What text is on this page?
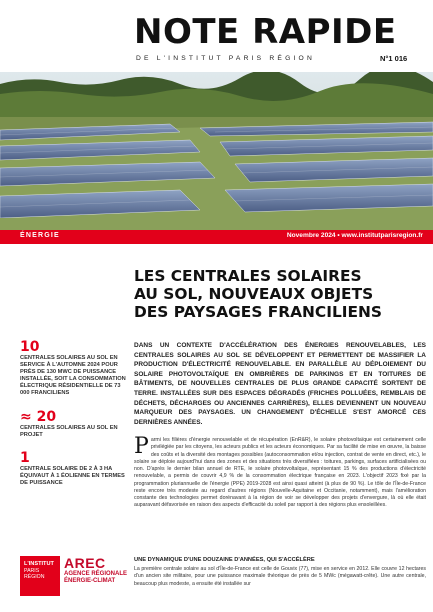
NOTE RAPIDE
DE L'INSTITUT PARIS RÉGION	N°1 016
ÉNERGIE	Novembre 2024 • www.institutparisregion.fr
LES CENTRALES SOLAIRES
AU SOL, NOUVEAUX OBJETS
DES PAYSAGES FRANCILIENS
10
CENTRALES SOLAIRES AU SOL EN SERVICE À L'AUTOMNE 2024 POUR PRÈS DE 130 MWC DE PUISSANCE INSTALLÉE, SOIT LA CONSOMMATION ÉLECTRIQUE RÉSIDENTIELLE DE 73 000 FRANCILIENS
≈ 20
CENTRALES SOLAIRES AU SOL EN PROJET
1
CENTRALE SOLAIRE DE 2 À 3 HA ÉQUIVAUT À 1 ÉOLIENNE EN TERMES DE PUISSANCE
DANS UN CONTEXTE D'ACCÉLÉRATION DES ÉNERGIES RENOUVELABLES, LES CENTRALES SOLAIRES AU SOL SE DÉVELOPPENT ET PERMETTENT DE MASSIFIER LA PRODUCTION D'ÉLECTRICITÉ RENOUVELABLE. EN PARALLÈLE AU DÉPLOIEMENT DU SOLAIRE PHOTOVOLTAÏQUE EN OMBRIÈRES DE PARKINGS ET EN TOITURES DE BÂTIMENTS, DE NOUVELLES CENTRALES DE PLUS GRANDE CAPACITÉ SORTENT DE TERRE. INSTALLÉES SUR DES ESPACES DÉGRADÉS (FRICHES POLLUÉES, REMBLAIS DE DÉCHETS, DÉCHARGES OU ANCIENNES CARRIÈRES), ELLES DEVIENNENT UN NOUVEAU MARQUEUR DES PAYSAGES. UN CHANGEMENT D'ÉCHELLE S'EST AMORCÉ CES DERNIÈRES ANNÉES.
Parmi les filières d'énergie renouvelable et de récupération (EnR&R), le solaire photovoltaïque est certainement celle privilégiée par les citoyens, les acteurs publics et les acteurs économiques. Par sa facilité de mise en œuvre, la baisse des coûts et la diversité des montages possibles (autoconsommation et/ou injection, contrat de vente en direct, etc.), le solaire se déploie aujourd'hui dans des zones et des situations très diversifiées : toitures, parkings, surfaces artificialisées ou non. D'après le dernier bilan annuel de RTE, le solaire photovoltaïque, représentant 15 % des productions d'électricité renouvelable, a permis de couvrir 4,9 % de la consommation électrique française en 2023. L'objectif 2023 fixé par la programmation pluriannuelle de l'énergie (PPE) 2019-2028 est ainsi quasi atteint (à plus de 90 %). Le tôle de l'Île-de-France reste encore très modeste au regard d'autres régions (Nouvelle-Aquitaine et Occitanie, notamment), mais l'amélioration constante des technologies permet dorénavant à la région de voir se développer des projets d'envergure, là où elle était auparavant défavorisée en raison des aspects d'efficacité du soleil par rapport à des régions plus ensoleillées.
UNE DYNAMIQUE D'UNE DOUZAINE D'ANNÉES, QUI S'ACCÉLÈRE
La première centrale solaire au sol d'Île-de-France est celle de Gouvix (77), mise en service en 2012. Elle couvre 12 hectares d'un ancien site militaire, pour une puissance maximale théorique de près de 5 MWc (mégawatt-crête). Une autre centrale, beaucoup plus modeste, a ensuite été installée sur
L'INSTITUT
PARIS
RÉGION
AREC
AGENCE RÉGIONALE
ÉNERGIE-CLIMAT
